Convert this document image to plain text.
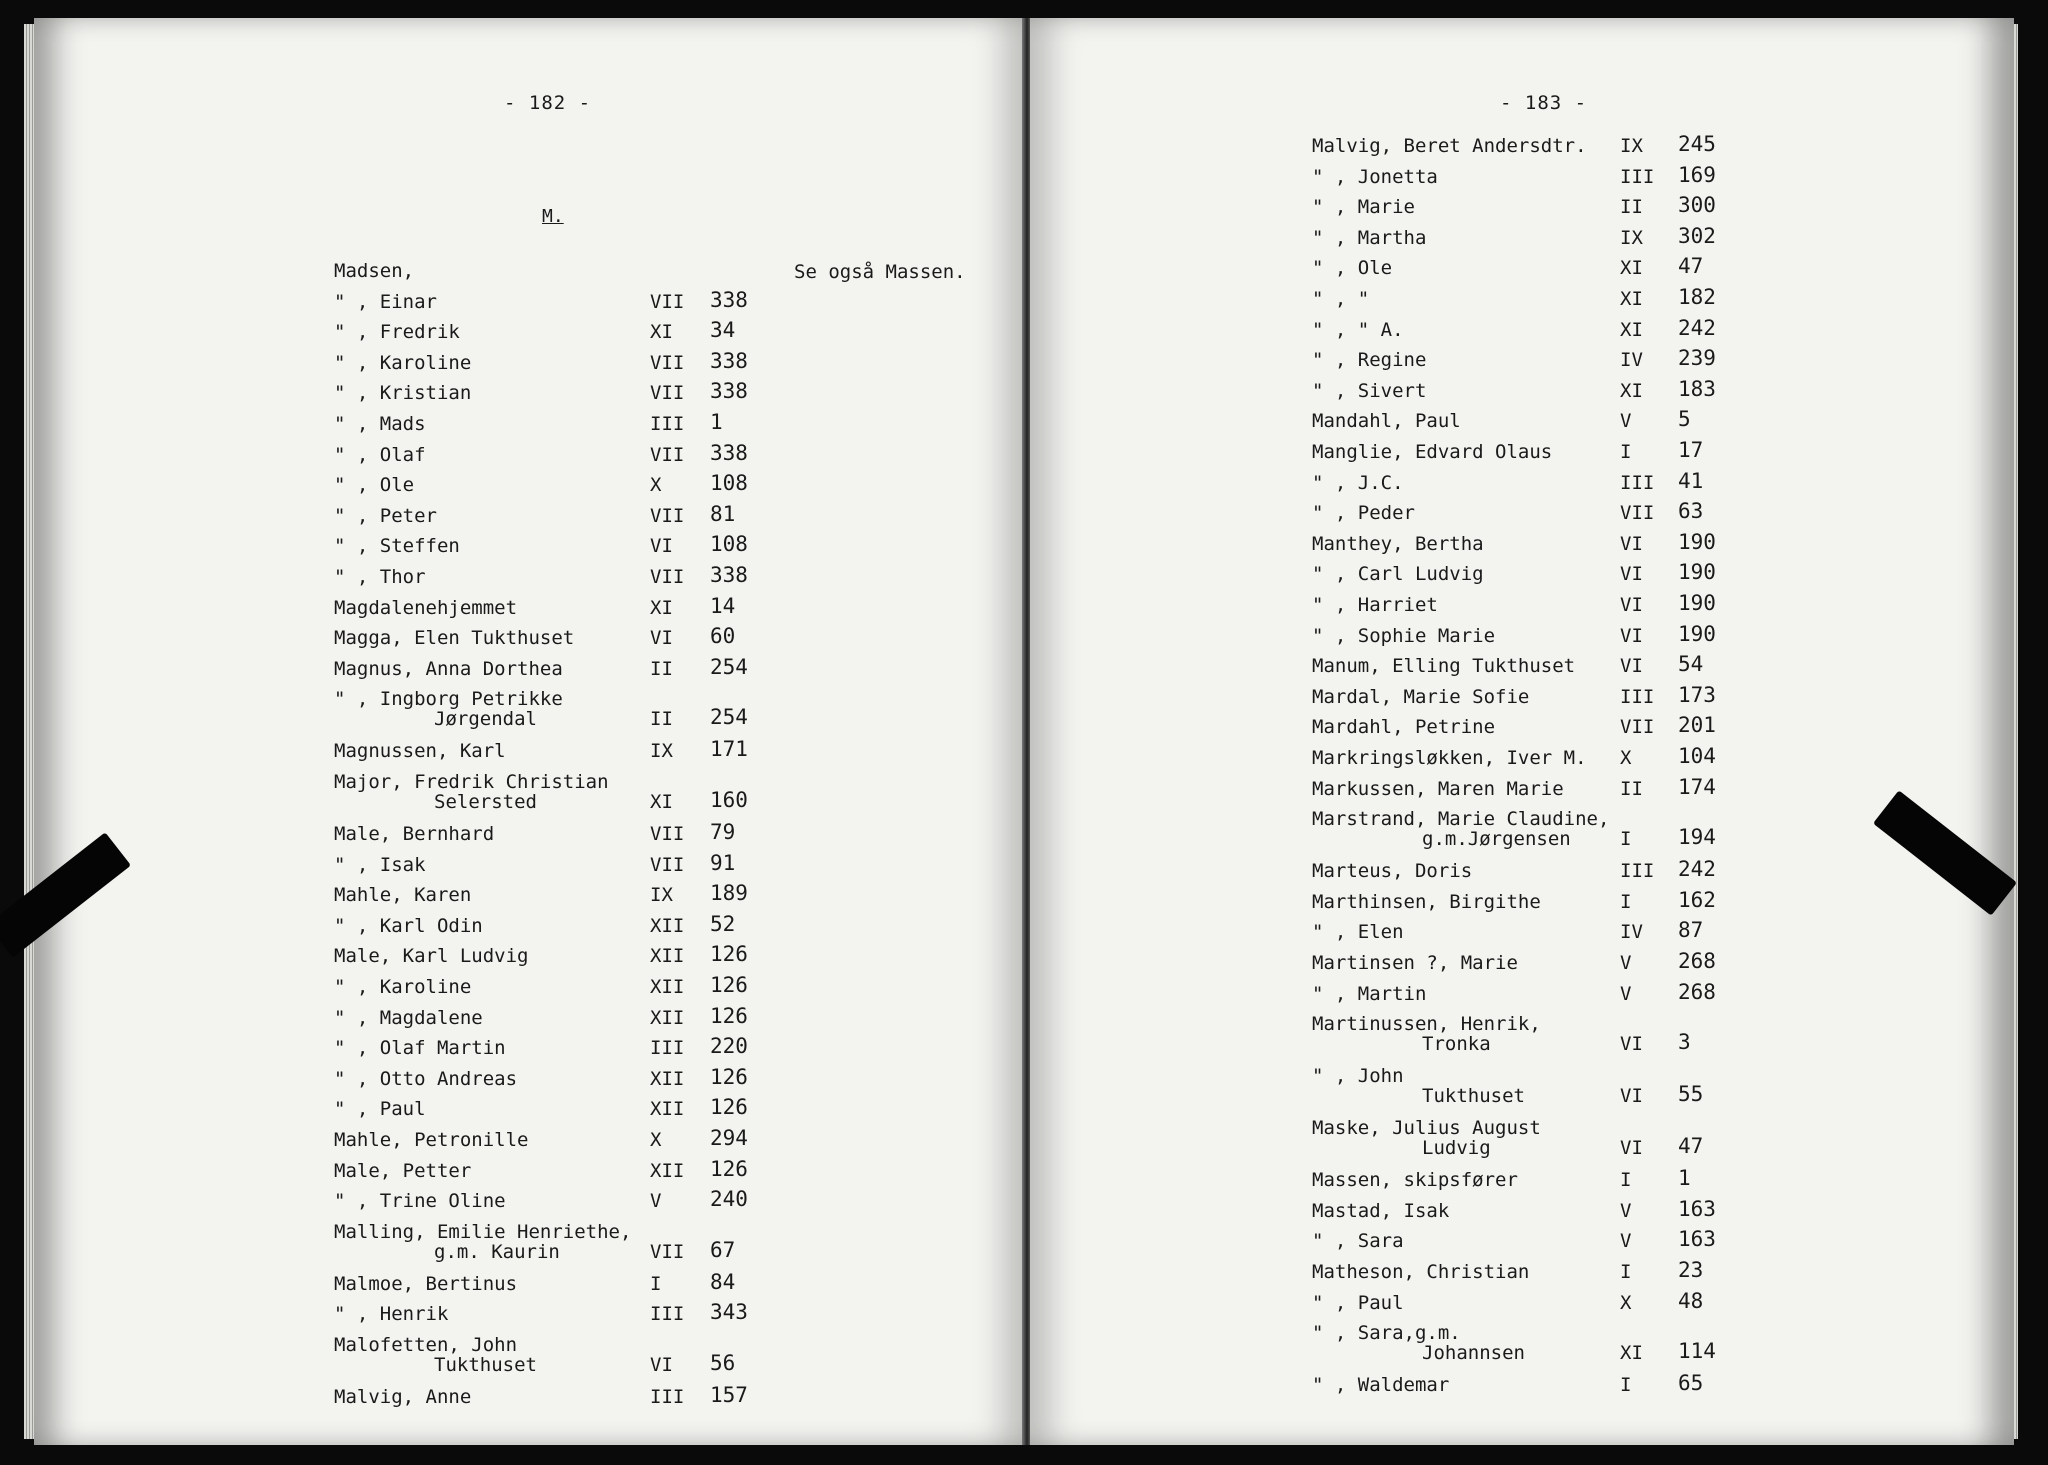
- 182 -
M.
Se også Massen.
Madsen,
" , Einar	VII 338
" , Fredrik	XI 34
" , Karoline	VII 338
" , Kristian	VII 338
" , Mads	III 1
" , Olaf	VII 338
" , Ole	X 108
" , Peter	VII 81
" , Steffen	VI 108
" , Thor	VII 338
Magdalenehjemmet	XI 14
Magga, Elen Tukthuset	VI 60
Magnus, Anna Dorthea	II 254
" , Ingborg Petrikke
Jørgendal	II 254
Magnussen, Karl	IX 171
Major, Fredrik Christian
Selersted	XI 160
Male, Bernhard	VII 79
" , Isak	VII 91
Mahle, Karen	IX 189
" , Karl Odin	XII 52
Male, Karl Ludvig	XII 126
" , Karoline	XII 126
" , Magdalene	XII 126
" , Olaf Martin	III 220
" , Otto Andreas	XII 126
" , Paul	XII 126
Mahle, Petronille	X 294
Male, Petter	XII 126
" , Trine Oline	V 240
Malling, Emilie Henriethe,
g.m. Kaurin	VII 67
Malmoe, Bertinus	I 84
" , Henrik	III 343
Malofetten, John
Tukthuset	VI 56
Malvig, Anne	III 157
- 183 -
Malvig, Beret Andersdtr. IX 245
" , Jonetta	III 169
" , Marie	II 300
" , Martha	IX 302
" , Ole	XI 47
" , "	XI 182
" , " A.	XI 242
" , Regine	IV 239
" , Sivert	XI 183
Mandahl, Paul	V 5
Manglie, Edvard Olaus	I 17
" , J.C.	III 41
" , Peder	VII 63
Manthey, Bertha	VI 190
" , Carl Ludvig	VI 190
" , Harriet	VI 190
" , Sophie Marie	VI 190
Manum, Elling Tukthuset VI 54
Mardal, Marie Sofie	III 173
Mardahl, Petrine	VII 201
Markringsløkken, Iver M. X 104
Markussen, Maren Marie	II 174
Marstrand, Marie Claudine,
g.m.Jørgensen	I 194
Marteus, Doris	III 242
Marthinsen, Birgithe	I 162
" , Elen	IV 87
Martinsen ?, Marie	V 268
" , Martin	V 268
Martinussen, Henrik,
Tronka	VI 3
" , John
Tukthuset	VI 55
Maske, Julius August
Ludvig	VI 47
Massen, skipsfører	I 1
Mastad, Isak	V 163
" , Sara	V 163
Matheson, Christian	I 23
" , Paul	X 48
" , Sara,g.m.
Johannsen	XI 114
" , Waldemar	I 65
